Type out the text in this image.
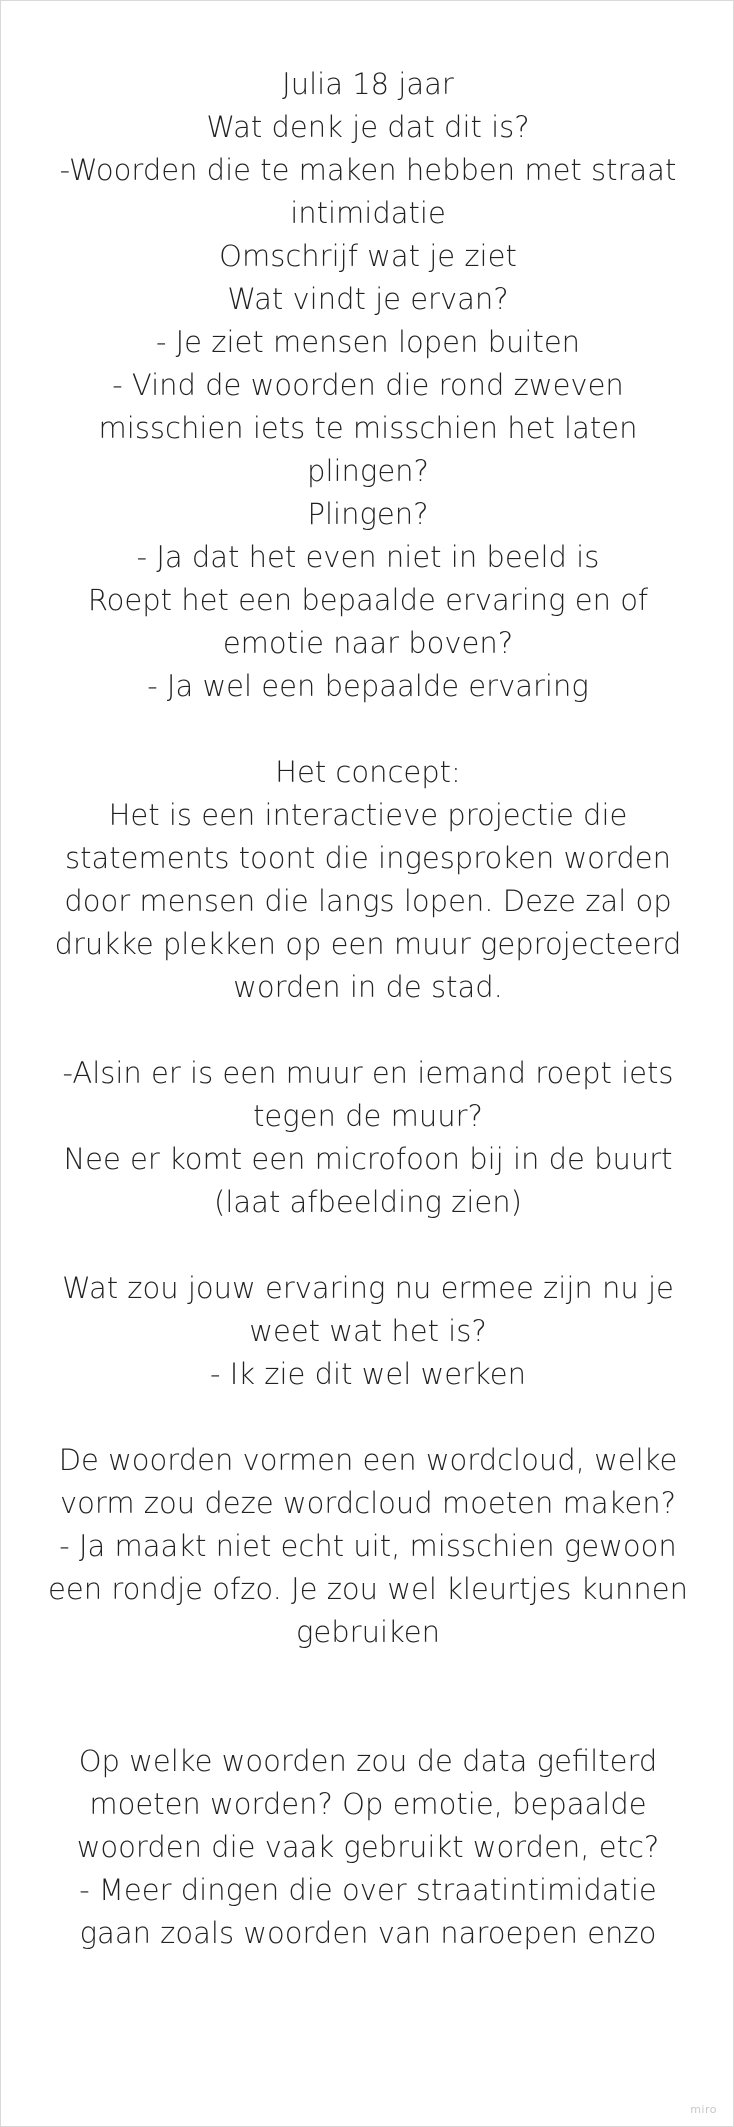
Julia 18 jaar
Wat denk je dat dit is?
-Woorden die te maken hebben met straat
intimidatie
Omschrijf wat je ziet
Wat vindt je ervan?
- Je ziet mensen lopen buiten
- Vind de woorden die rond zweven
misschien iets te misschien het laten
plingen?
Plingen?
- Ja dat het even niet in beeld is
Roept het een bepaalde ervaring en of
emotie naar boven?
- Ja wel een bepaalde ervaring
Het concept:
Het is een interactieve projectie die
statements toont die ingesproken worden
door mensen die langs lopen. Deze zal op
drukke plekken op een muur geprojecteerd
worden in de stad.
-Alsin er is een muur en iemand roept iets
tegen de muur?
Nee er komt een microfoon bij in de buurt
(laat afbeelding zien)
Wat zou jouw ervaring nu ermee zijn nu je
weet wat het is?
- Ik zie dit wel werken
De woorden vormen een wordcloud, welke
vorm zou deze wordcloud moeten maken?
- Ja maakt niet echt uit, misschien gewoon
een rondje ofzo. Je zou wel kleurtjes kunnen
gebruiken
Op welke woorden zou de data gefilterd
moeten worden? Op emotie, bepaalde
woorden die vaak gebruikt worden, etc?
- Meer dingen die over straatintimidatie
gaan zoals woorden van naroepen enzo
miro
